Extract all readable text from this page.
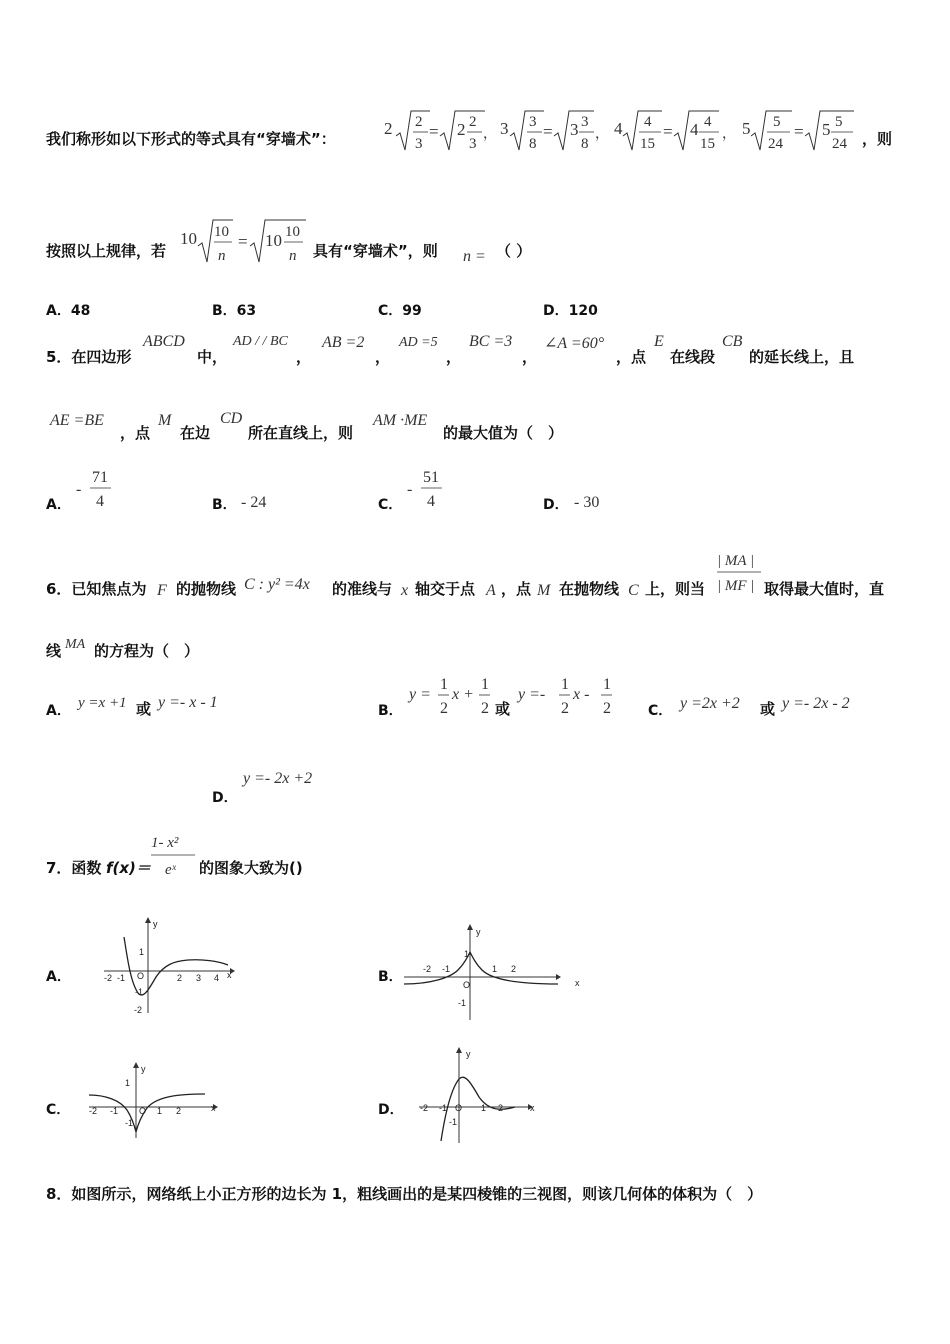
我们称形如以下形式的等式具有“穿墙术”：
2 2
3
= 2 2
3
， 3 3
8
= 3 3
8
， 4 4
15
= 4 4
15
， 5 5
24
= 5 5
24 ，则
按照以上规律，若
10 10
n
= 10 10
n 具有“穿墙术”，则 n = （ ）
A．48	B．63	C．99	D．120
5．在四边形
ABCD
中，
AD / / BC
，
AB =2
，
AD =5
，
BC =3
，
∠A =60°
，点
E
在线段
CB
的延长线上，且
AE =BE
，点
M
在边
CD
所在直线上，则
AM ·ME
的最大值为（　）
A．
-
71
4	B． - 24	C．
-
51
4	D． - 30
6．已知焦点为 F 的抛物线 C : y² =4x 的准线与 x 轴交于点 A ，点 M 在抛物线 C 上，则当
| MA |
| MF | 取得最大值时，直
线 MA 的方程为（　）
A． y =x +1 或 y =- x - 1	B．
y =
1
2
x +
1
2 或
y =-
1
2
x -
1
2	C． y =2x +2 或 y =- 2x - 2
D．
y =- 2x +2
7．函数 f(x)＝
1- x²
eˣ 的图象大致为()
A．
y
x
-2 -1 O	2 3 4
1
-1
-2
B．
y
x
-2 -1
1
O
1 2
-1
C．
y
x
-2 -1
1
O 1 2
-1
D．
y
x
-2 -1 O 1 2
-1
8．如图所示，网络纸上小正方形的边长为 1，粗线画出的是某四棱锥的三视图，则该几何体的体积为（　）
